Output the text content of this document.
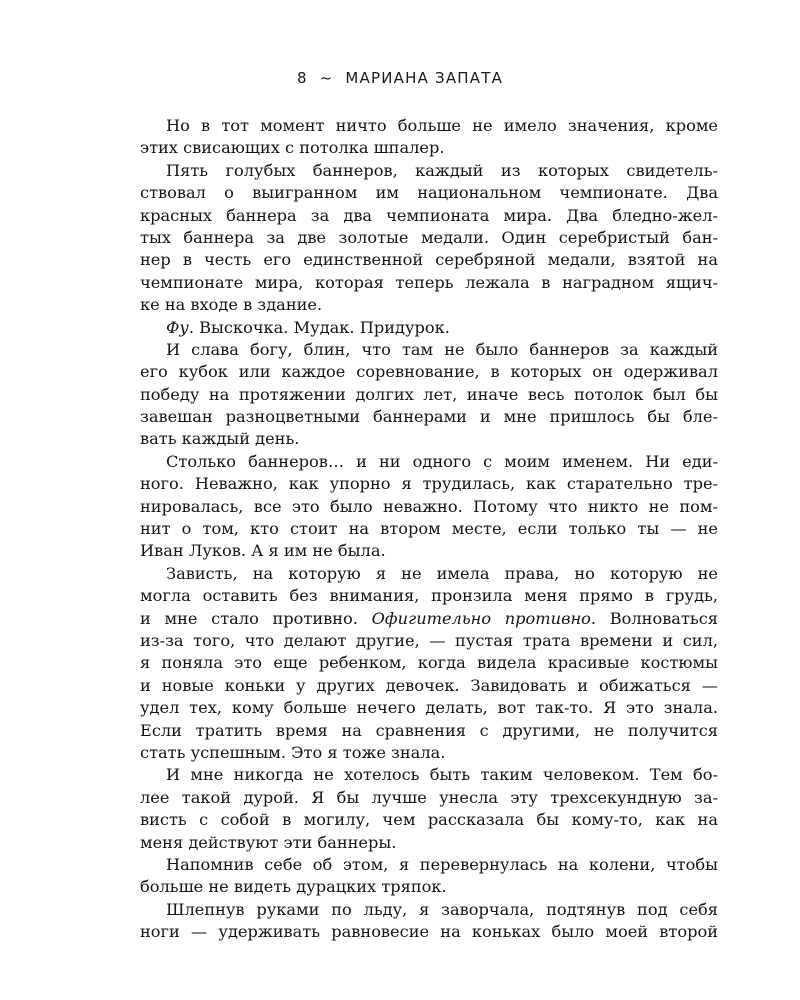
8 ~ МАРИАНА ЗАПАТА
Но в тот момент ничто больше не имело значения, кроме
этих свисающих с потолка шпалер.
Пять голубых баннеров, каждый из которых свидетель-
ствовал о выигранном им национальном чемпионате. Два
красных баннера за два чемпионата мира. Два бледно-жел-
тых баннера за две золотые медали. Один серебристый бан-
нер в честь его единственной серебряной медали, взятой на
чемпионате мира, которая теперь лежала в наградном ящич-
ке на входе в здание.
Фу. Выскочка. Мудак. Придурок.
И слава богу, блин, что там не было баннеров за каждый
его кубок или каждое соревнование, в которых он одерживал
победу на протяжении долгих лет, иначе весь потолок был бы
завешан разноцветными баннерами и мне пришлось бы бле-
вать каждый день.
Столько баннеров… и ни одного с моим именем. Ни еди-
ного. Неважно, как упорно я трудилась, как старательно тре-
нировалась, все это было неважно. Потому что никто не пом-
нит о том, кто стоит на втором месте, если только ты — не
Иван Луков. А я им не была.
Зависть, на которую я не имела права, но которую не
могла оставить без внимания, пронзила меня прямо в грудь,
и мне стало противно. Офигительно противно. Волноваться
из-за того, что делают другие, — пустая трата времени и сил,
я поняла это еще ребенком, когда видела красивые костюмы
и новые коньки у других девочек. Завидовать и обижаться —
удел тех, кому больше нечего делать, вот так-то. Я это знала.
Если тратить время на сравнения с другими, не получится
стать успешным. Это я тоже знала.
И мне никогда не хотелось быть таким человеком. Тем бо-
лее такой дурой. Я бы лучше унесла эту трехсекундную за-
висть с собой в могилу, чем рассказала бы кому-то, как на
меня действуют эти баннеры.
Напомнив себе об этом, я перевернулась на колени, чтобы
больше не видеть дурацких тряпок.
Шлепнув руками по льду, я заворчала, подтянув под себя
ноги — удерживать равновесие на коньках было моей второй
